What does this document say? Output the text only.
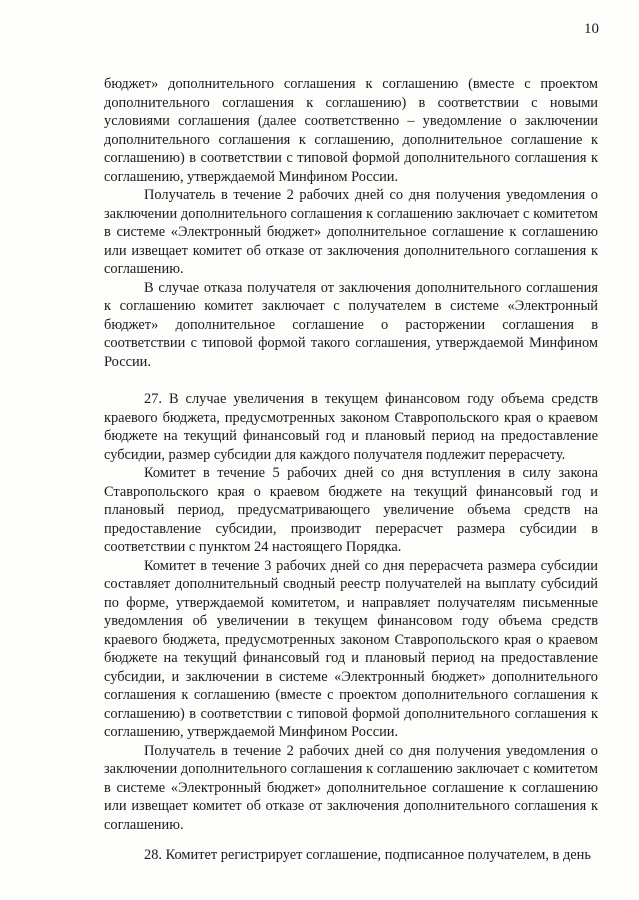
10

бюджет» дополнительного соглашения к соглашению (вместе с проектом дополнительного соглашения к соглашению) в соответствии с новыми условиями соглашения (далее соответственно – уведомление о заключении дополнительного соглашения к соглашению, дополнительное соглашение к соглашению) в соответствии с типовой формой дополнительного соглашения к соглашению, утверждаемой Минфином России.

Получатель в течение 2 рабочих дней со дня получения уведомления о заключении дополнительного соглашения к соглашению заключает с комитетом в системе «Электронный бюджет» дополнительное соглашение к соглашению или извещает комитет об отказе от заключения дополнительного соглашения к соглашению.

В случае отказа получателя от заключения дополнительного соглашения к соглашению комитет заключает с получателем в системе «Электронный бюджет» дополнительное соглашение о расторжении соглашения в соответствии с типовой формой такого соглашения, утверждаемой Минфином России.

27. В случае увеличения в текущем финансовом году объема средств краевого бюджета, предусмотренных законом Ставропольского края о краевом бюджете на текущий финансовый год и плановый период на предоставление субсидии, размер субсидии для каждого получателя подлежит перерасчету.

Комитет в течение 5 рабочих дней со дня вступления в силу закона Ставропольского края о краевом бюджете на текущий финансовый год и плановый период, предусматривающего увеличение объема средств на предоставление субсидии, производит перерасчет размера субсидии в соответствии с пунктом 24 настоящего Порядка.

Комитет в течение 3 рабочих дней со дня перерасчета размера субсидии составляет дополнительный сводный реестр получателей на выплату субсидий по форме, утверждаемой комитетом, и направляет получателям письменные уведомления об увеличении в текущем финансовом году объема средств краевого бюджета, предусмотренных законом Ставропольского края о краевом бюджете на текущий финансовый год и плановый период на предоставление субсидии, и заключении в системе «Электронный бюджет» дополнительного соглашения к соглашению (вместе с проектом дополнительного соглашения к соглашению) в соответствии с типовой формой дополнительного соглашения к соглашению, утверждаемой Минфином России.

Получатель в течение 2 рабочих дней со дня получения уведомления о заключении дополнительного соглашения к соглашению заключает с комитетом в системе «Электронный бюджет» дополнительное соглашение к соглашению или извещает комитет об отказе от заключения дополнительного соглашения к соглашению.

28. Комитет регистрирует соглашение, подписанное получателем, в день
